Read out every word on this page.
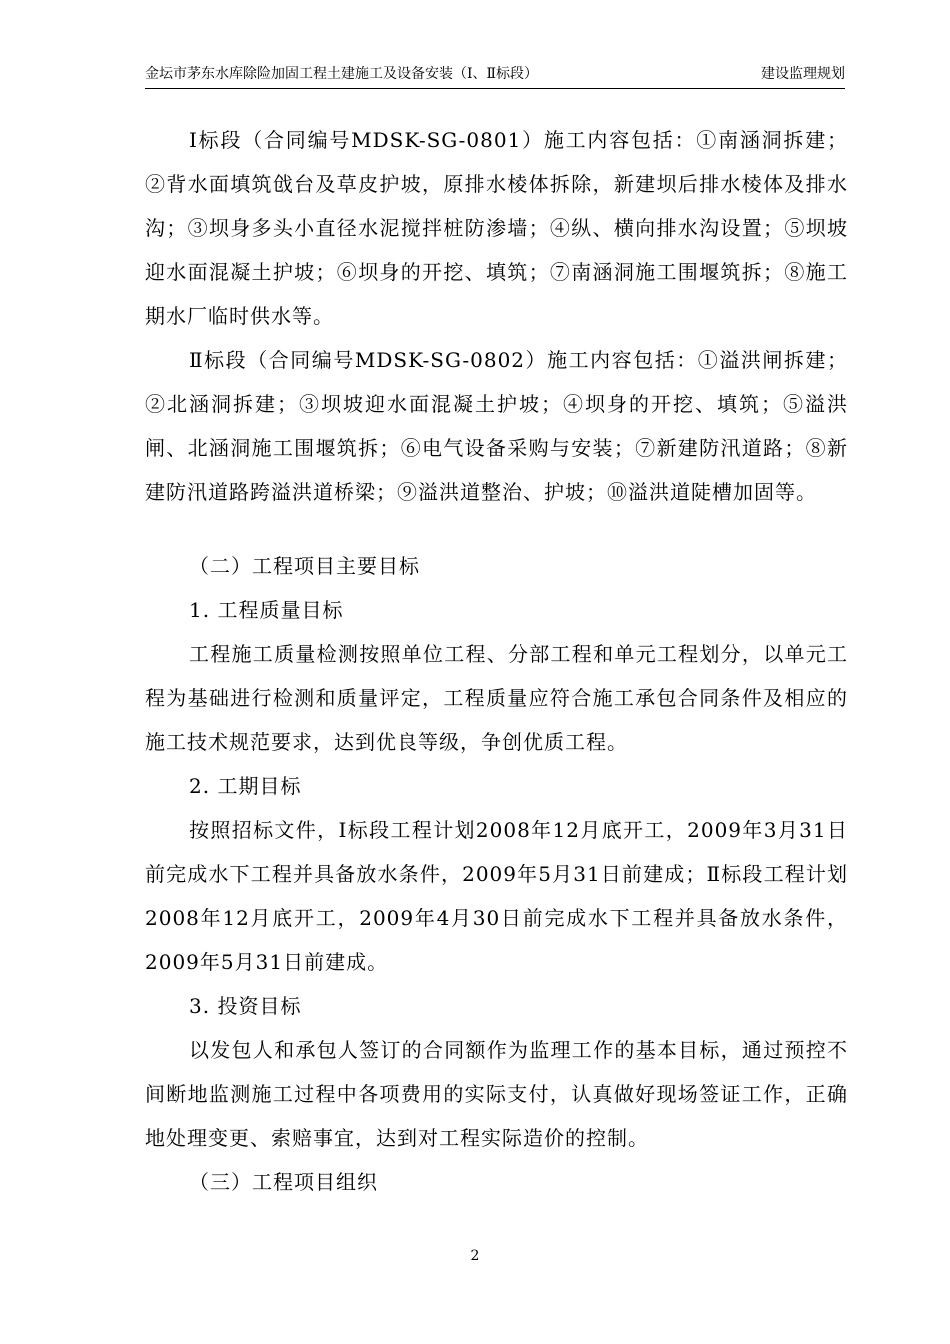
金坛市茅东水库除险加固工程土建施工及设备安装（Ⅰ、Ⅱ标段）	建设监理规划

Ⅰ标段（合同编号MDSK-SG-0801）施工内容包括：①南涵洞拆建；②背水面填筑戗台及草皮护坡，原排水棱体拆除，新建坝后排水棱体及排水沟；③坝身多头小直径水泥搅拌桩防渗墙；④纵、横向排水沟设置；⑤坝坡迎水面混凝土护坡；⑥坝身的开挖、填筑；⑦南涵洞施工围堰筑拆；⑧施工期水厂临时供水等。

Ⅱ标段（合同编号MDSK-SG-0802）施工内容包括：①溢洪闸拆建；②北涵洞拆建；③坝坡迎水面混凝土护坡；④坝身的开挖、填筑；⑤溢洪闸、北涵洞施工围堰筑拆；⑥电气设备采购与安装；⑦新建防汛道路；⑧新建防汛道路跨溢洪道桥梁；⑨溢洪道整治、护坡；⑩溢洪道陡槽加固等。

（二）工程项目主要目标

1. 工程质量目标

工程施工质量检测按照单位工程、分部工程和单元工程划分，以单元工程为基础进行检测和质量评定，工程质量应符合施工承包合同条件及相应的施工技术规范要求，达到优良等级，争创优质工程。

2. 工期目标

按照招标文件，Ⅰ标段工程计划2008年12月底开工，2009年3月31日前完成水下工程并具备放水条件，2009年5月31日前建成；Ⅱ标段工程计划2008年12月底开工，2009年4月30日前完成水下工程并具备放水条件，2009年5月31日前建成。

3. 投资目标

以发包人和承包人签订的合同额作为监理工作的基本目标，通过预控不间断地监测施工过程中各项费用的实际支付，认真做好现场签证工作，正确地处理变更、索赔事宜，达到对工程实际造价的控制。

（三）工程项目组织

2
